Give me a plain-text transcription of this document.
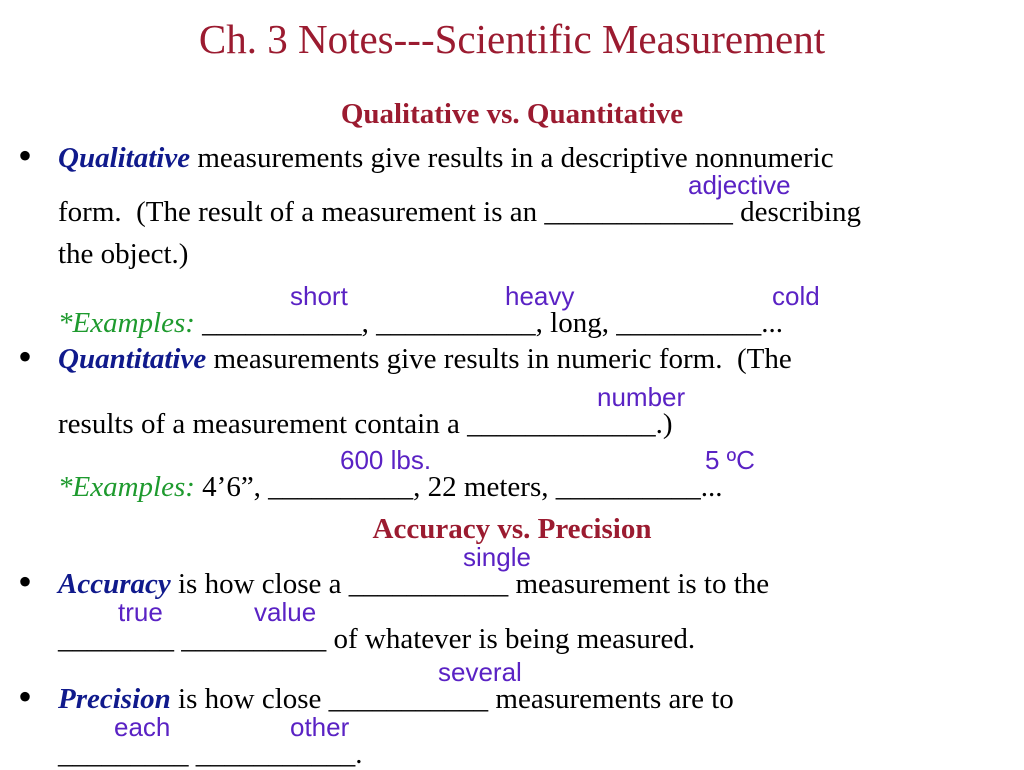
Ch. 3 Notes---Scientific Measurement
Qualitative vs. Quantitative
• Qualitative measurements give results in a descriptive nonnumeric
adjective
form.  (The result of a measurement is an _____________ describing
the object.)
short	heavy	cold
*Examples: ___________, ___________, long, __________...
• Quantitative measurements give results in numeric form.  (The
number
results of a measurement contain a _____________.)
600 lbs.	5 ºC
*Examples: 4’6”, __________, 22 meters, __________...
Accuracy vs. Precision
single
• Accuracy is how close a ___________ measurement is to the
true	value
________ __________ of whatever is being measured.
several
• Precision is how close ___________ measurements are to
each	other
_________ ___________.
